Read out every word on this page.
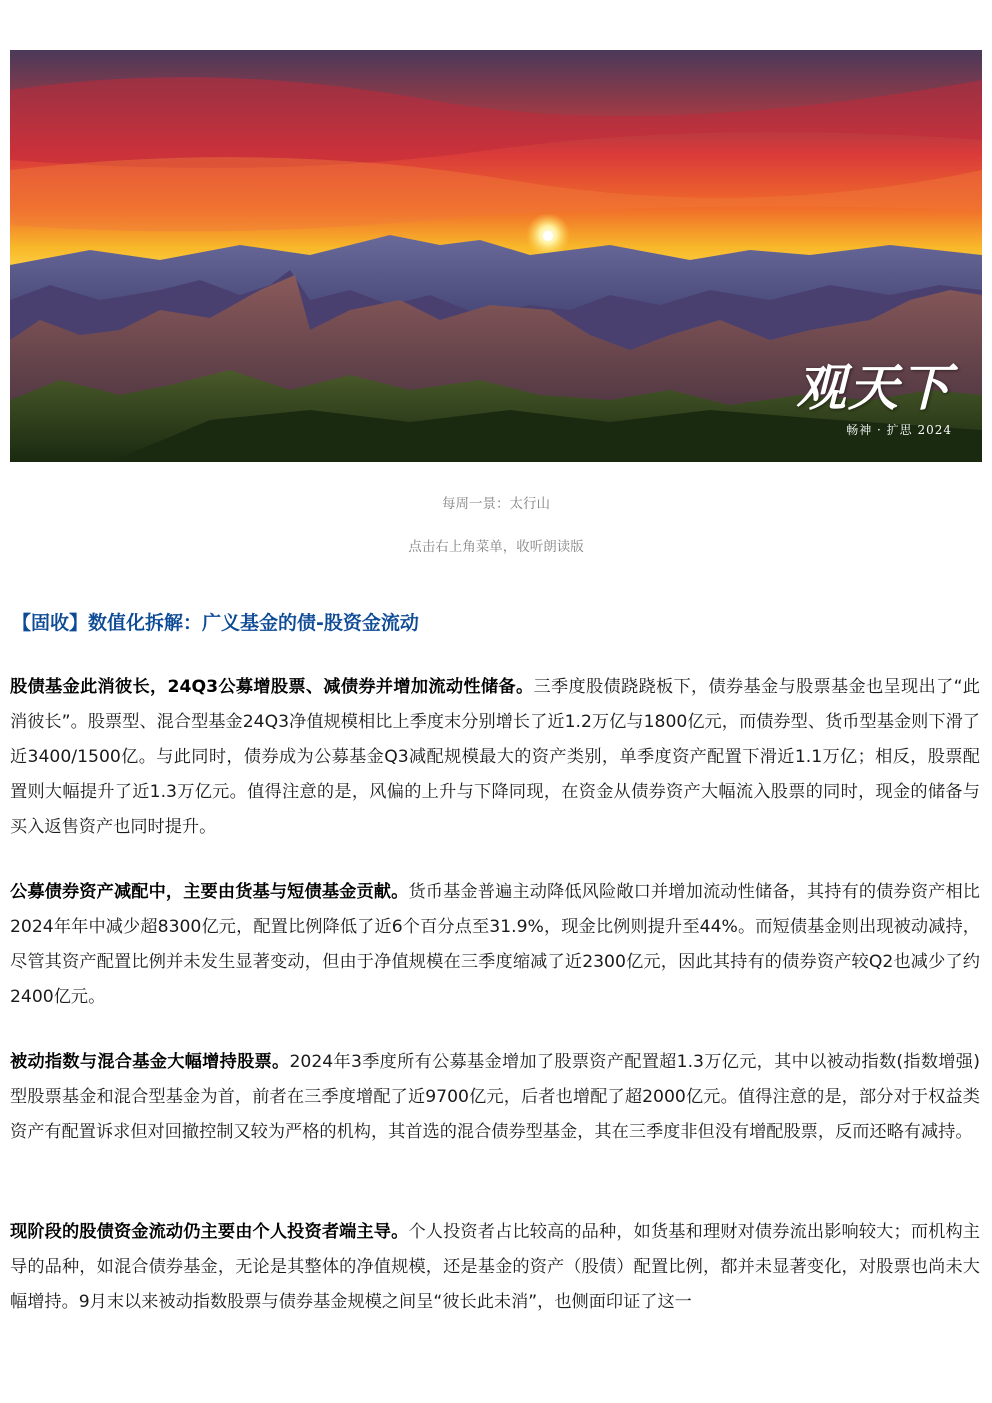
观天下
畅神 · 扩思 2024
每周一景：太行山
点击右上角菜单，收听朗读版
【固收】数值化拆解：广义基金的债-股资金流动

股债基金此消彼长，24Q3公募增股票、减债券并增加流动性储备。三季度股债跷跷板下，债券基金与股票基金也呈现出了“此消彼长”。股票型、混合型基金24Q3净值规模相比上季度末分别增长了近1.2万亿与1800亿元，而债券型、货币型基金则下滑了近3400/1500亿。与此同时，债券成为公募基金Q3减配规模最大的资产类别，单季度资产配置下滑近1.1万亿；相反，股票配置则大幅提升了近1.3万亿元。值得注意的是，风偏的上升与下降同现，在资金从债券资产大幅流入股票的同时，现金的储备与买入返售资产也同时提升。

公募债券资产减配中，主要由货基与短债基金贡献。货币基金普遍主动降低风险敞口并增加流动性储备，其持有的债券资产相比2024年年中减少超8300亿元，配置比例降低了近6个百分点至31.9%，现金比例则提升至44%。而短债基金则出现被动减持，尽管其资产配置比例并未发生显著变动，但由于净值规模在三季度缩减了近2300亿元，因此其持有的债券资产较Q2也减少了约2400亿元。

被动指数与混合基金大幅增持股票。2024年3季度所有公募基金增加了股票资产配置超1.3万亿元，其中以被动指数(指数增强)型股票基金和混合型基金为首，前者在三季度增配了近9700亿元，后者也增配了超2000亿元。值得注意的是，部分对于权益类资产有配置诉求但对回撤控制又较为严格的机构，其首选的混合债券型基金，其在三季度非但没有增配股票，反而还略有减持。

现阶段的股债资金流动仍主要由个人投资者端主导。个人投资者占比较高的品种，如货基和理财对债券流出影响较大；而机构主导的品种，如混合债券基金，无论是其整体的净值规模，还是基金的资产（股债）配置比例，都并未显著变化，对股票也尚未大幅增持。9月末以来被动指数股票与债券基金规模之间呈“彼长此未消”，也侧面印证了这一
